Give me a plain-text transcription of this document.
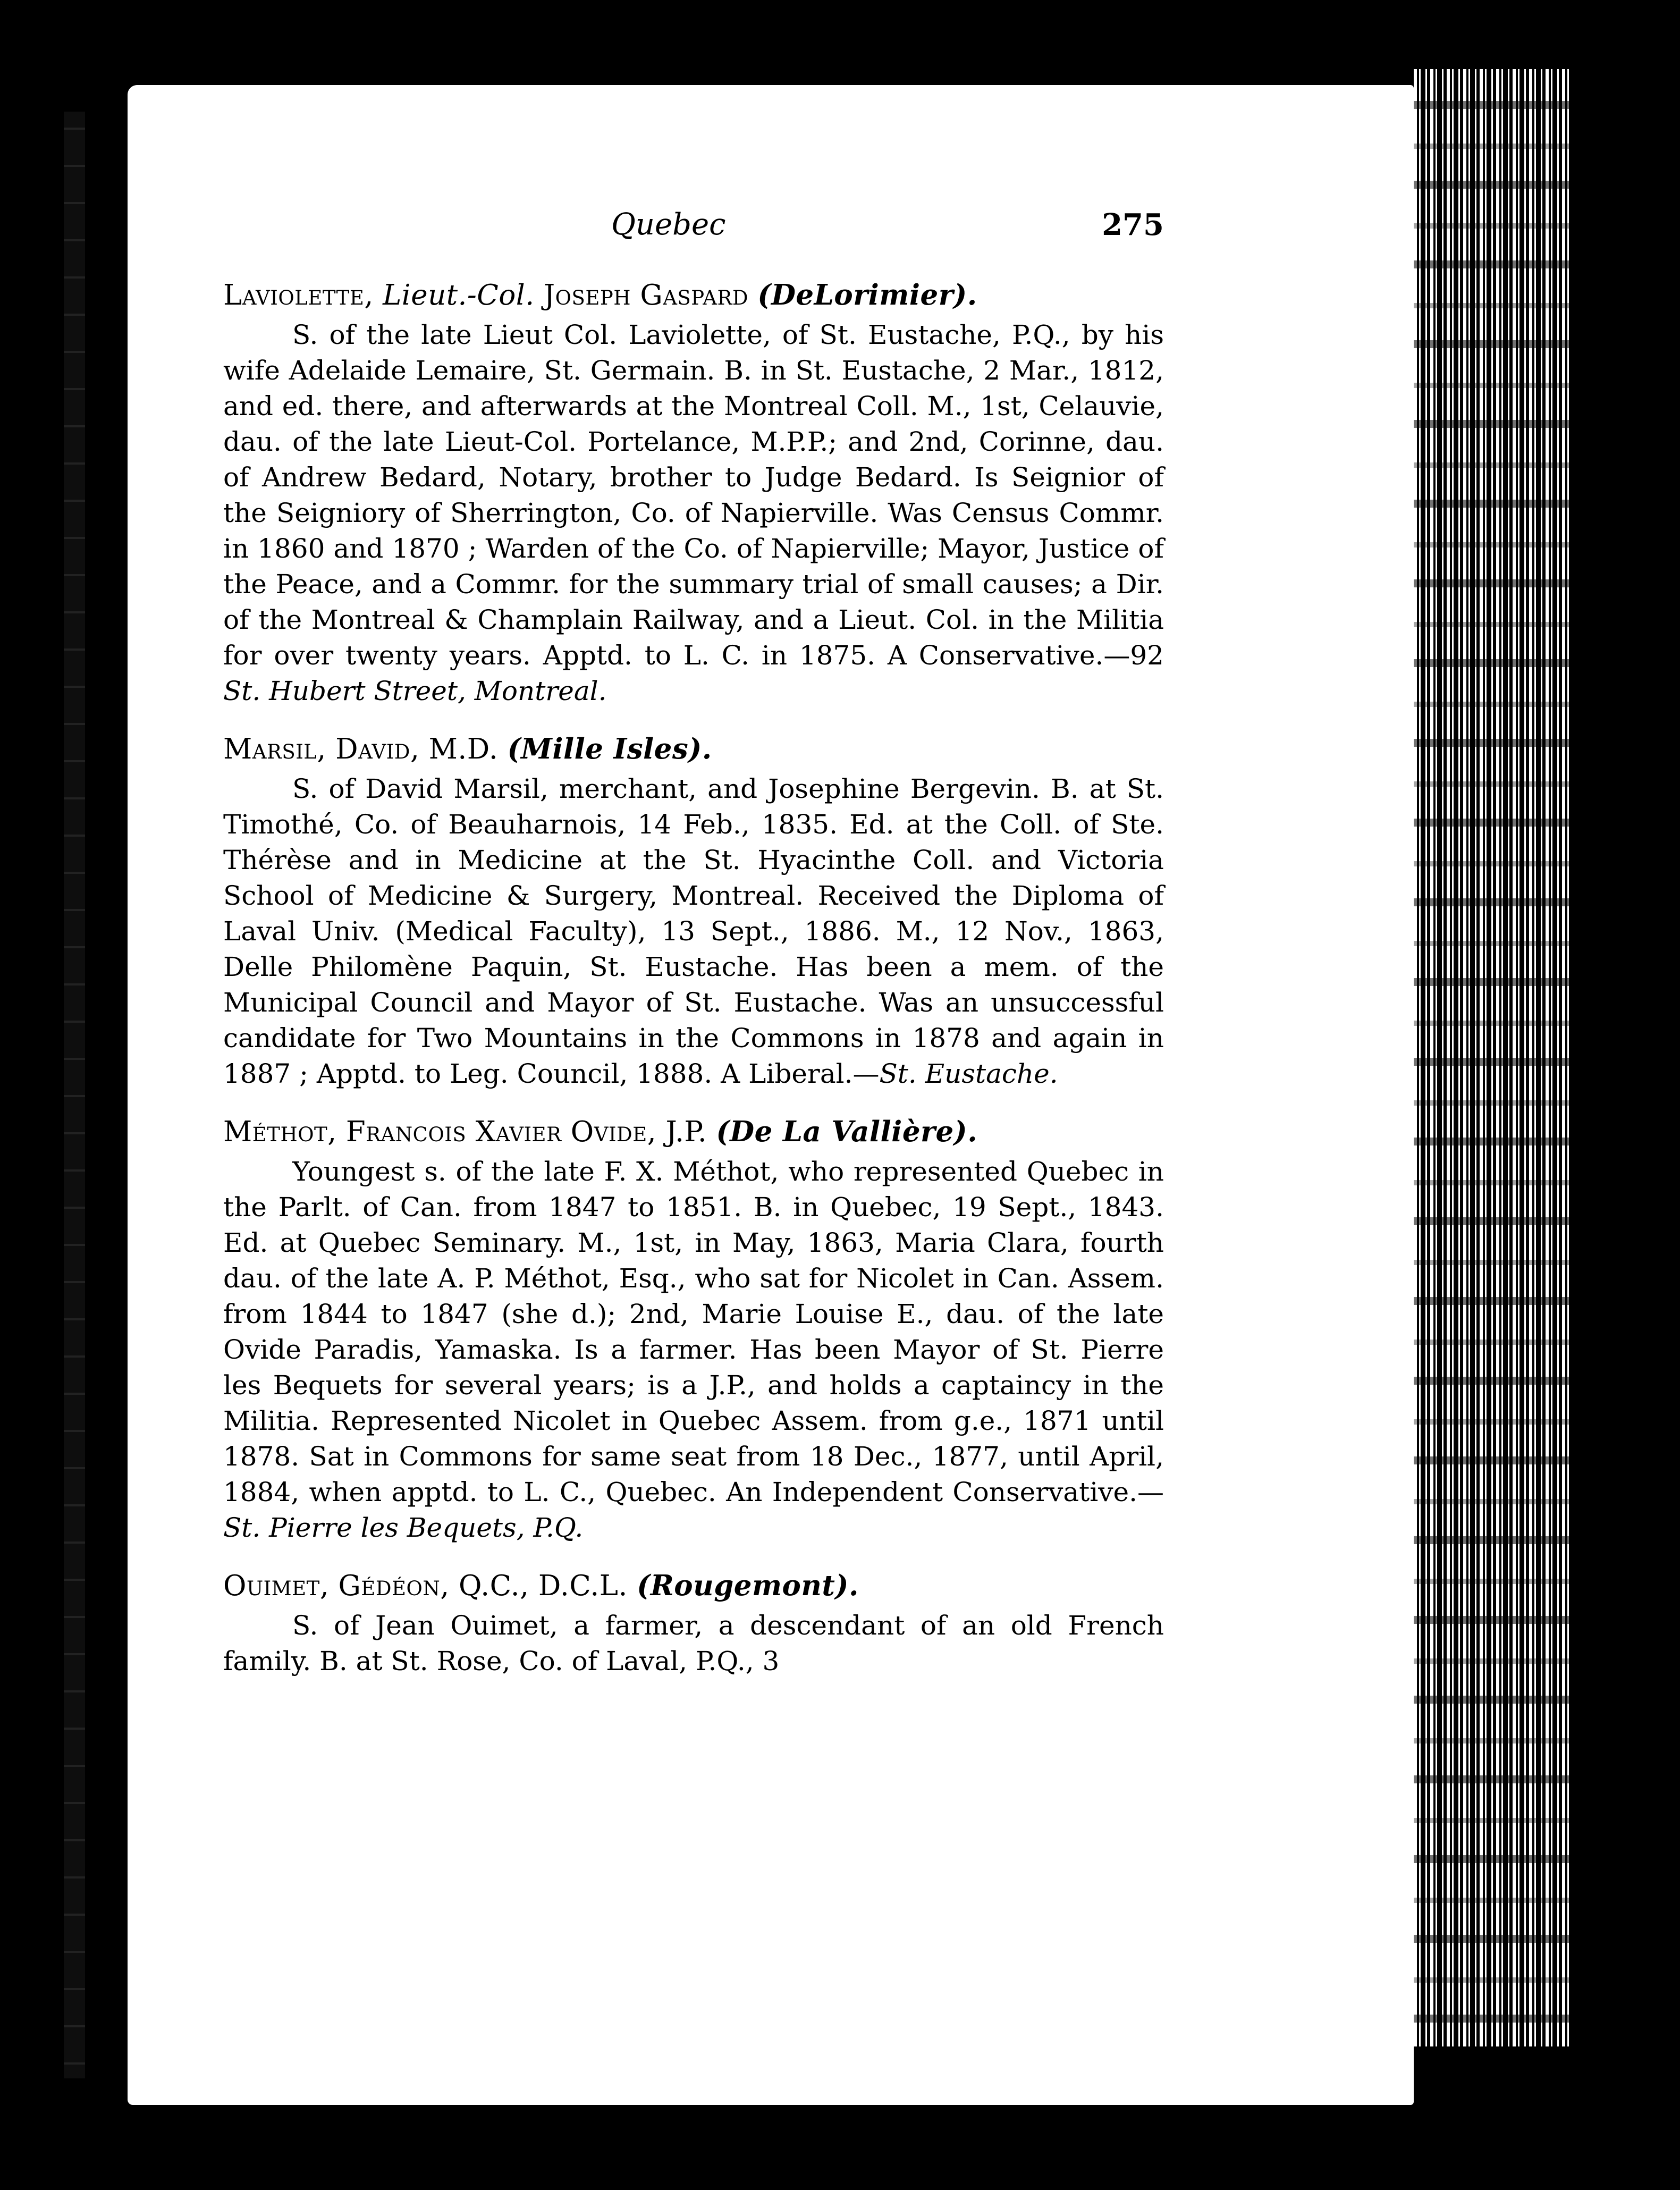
Quebec	275
Laviolette, Lieut.-Col. Joseph Gaspard (DeLorimier).

S. of the late Lieut Col. Laviolette, of St. Eustache, P.Q., by his wife Adelaide Lemaire, St. Germain. B. in St. Eustache, 2 Mar., 1812, and ed. there, and afterwards at the Montreal Coll. M., 1st, Celauvie, dau. of the late Lieut-Col. Portelance, M.P.P.; and 2nd, Corinne, dau. of Andrew Bedard, Notary, brother to Judge Bedard. Is Seignior of the Seigniory of Sherrington, Co. of Napierville. Was Census Commr. in 1860 and 1870 ; Warden of the Co. of Napierville; Mayor, Justice of the Peace, and a Commr. for the summary trial of small causes; a Dir. of the Montreal & Champlain Railway, and a Lieut. Col. in the Militia for over twenty years. Apptd. to L. C. in 1875. A Conservative.—92 St. Hubert Street, Montreal.

Marsil, David, M.D. (Mille Isles).

S. of David Marsil, merchant, and Josephine Bergevin. B. at St. Timothé, Co. of Beauharnois, 14 Feb., 1835. Ed. at the Coll. of Ste. Thérèse and in Medicine at the St. Hyacinthe Coll. and Victoria School of Medicine & Surgery, Montreal. Received the Diploma of Laval Univ. (Medical Faculty), 13 Sept., 1886. M., 12 Nov., 1863, Delle Philomène Paquin, St. Eustache. Has been a mem. of the Municipal Council and Mayor of St. Eustache. Was an unsuccessful candidate for Two Mountains in the Commons in 1878 and again in 1887 ; Apptd. to Leg. Council, 1888. A Liberal.—St. Eustache.

Méthot, Francois Xavier Ovide, J.P. (De La Vallière).

Youngest s. of the late F. X. Méthot, who represented Quebec in the Parlt. of Can. from 1847 to 1851. B. in Quebec, 19 Sept., 1843. Ed. at Quebec Seminary. M., 1st, in May, 1863, Maria Clara, fourth dau. of the late A. P. Méthot, Esq., who sat for Nicolet in Can. Assem. from 1844 to 1847 (she d.); 2nd, Marie Louise E., dau. of the late Ovide Paradis, Yamaska. Is a farmer. Has been Mayor of St. Pierre les Bequets for several years; is a J.P., and holds a captaincy in the Militia. Represented Nicolet in Quebec Assem. from g.e., 1871 until 1878. Sat in Commons for same seat from 18 Dec., 1877, until April, 1884, when apptd. to L. C., Quebec. An Independent Conservative.—St. Pierre les Bequets, P.Q.

Ouimet, Gédéon, Q.C., D.C.L. (Rougemont).

S. of Jean Ouimet, a farmer, a descendant of an old French family. B. at St. Rose, Co. of Laval, P.Q., 3
